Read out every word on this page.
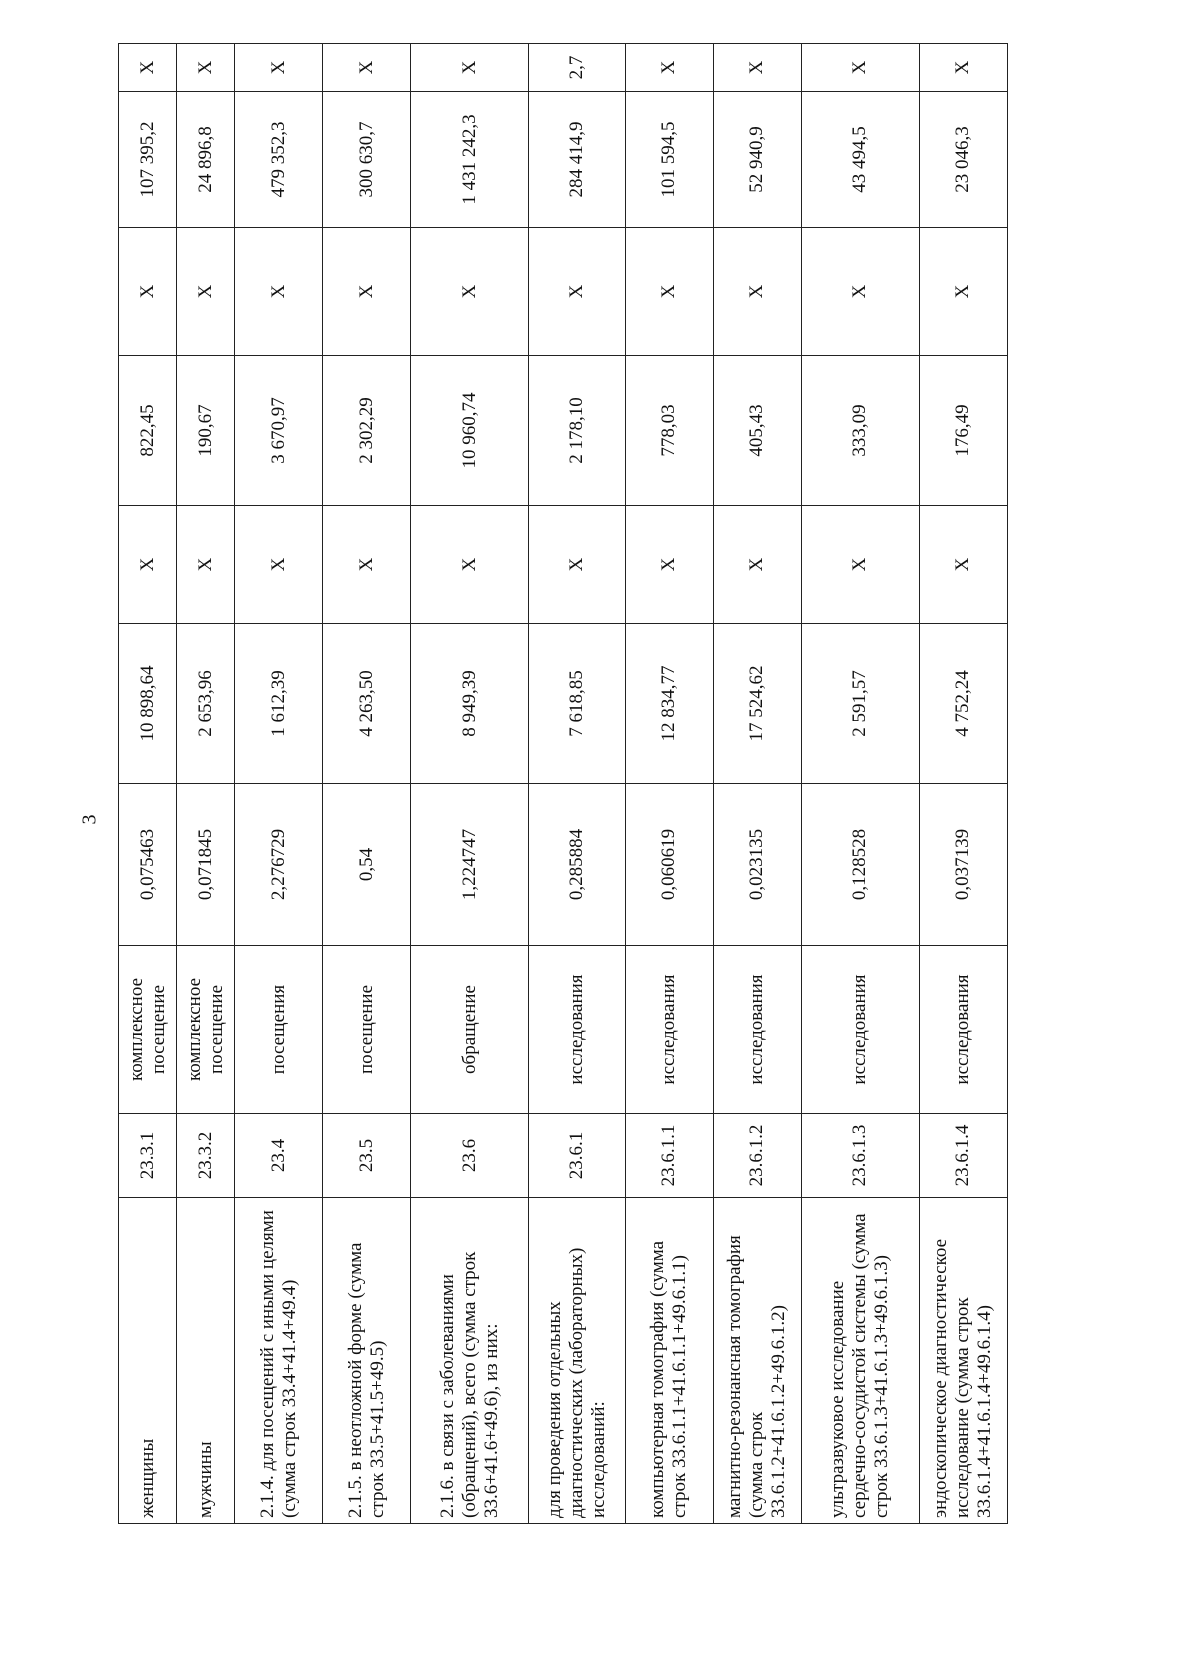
3
женщины	23.3.1	комплексное посещение	0,075463	10 898,64	X	822,45	X	107 395,2	X
мужчины	23.3.2	комплексное посещение	0,071845	2 653,96	X	190,67	X	24 896,8	X
2.1.4. для посещений с иными целями (сумма строк 33.4+41.4+49.4)	23.4	посещения	2,276729	1 612,39	X	3 670,97	X	479 352,3	X
2.1.5. в неотложной форме (сумма строк 33.5+41.5+49.5)	23.5	посещение	0,54	4 263,50	X	2 302,29	X	300 630,7	X
2.1.6. в связи с заболеваниями (обращений), всего (сумма строк 33.6+41.6+49.6), из них:	23.6	обращение	1,224747	8 949,39	X	10 960,74	X	1 431 242,3	X
для проведения отдельных диагностических (лабораторных) исследований:	23.6.1	исследования	0,285884	7 618,85	X	2 178,10	X	284 414,9	2,7
компьютерная томография (сумма строк 33.6.1.1+41.6.1.1+49.6.1.1)	23.6.1.1	исследования	0,060619	12 834,77	X	778,03	X	101 594,5	X
магнитно-резонансная томография (сумма строк 33.6.1.2+41.6.1.2+49.6.1.2)	23.6.1.2	исследования	0,023135	17 524,62	X	405,43	X	52 940,9	X
ультразвуковое исследование сердечно-сосудистой системы (сумма строк 33.6.1.3+41.6.1.3+49.6.1.3)	23.6.1.3	исследования	0,128528	2 591,57	X	333,09	X	43 494,5	X
эндоскопическое диагностическое исследование (сумма строк 33.6.1.4+41.6.1.4+49.6.1.4)	23.6.1.4	исследования	0,037139	4 752,24	X	176,49	X	23 046,3	X
